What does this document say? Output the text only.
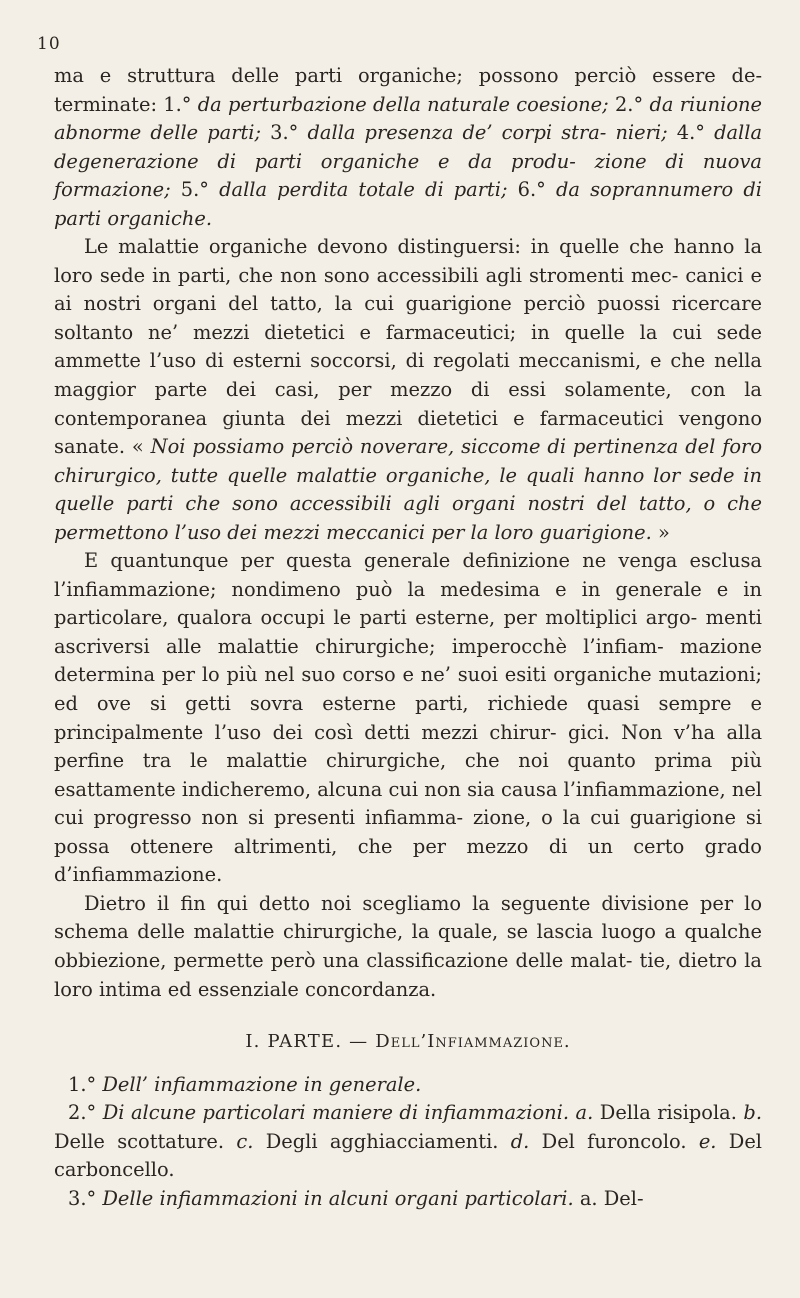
10

ma e struttura delle parti organiche; possono perciò essere de- terminate: 1.° da perturbazione della naturale coesione; 2.° da riunione abnorme delle parti; 3.° dalla presenza de’ corpi stra- nieri; 4.° dalla degenerazione di parti organiche e da produ- zione di nuova formazione; 5.° dalla perdita totale di parti; 6.° da soprannumero di parti organiche.

Le malattie organiche devono distinguersi: in quelle che hanno la loro sede in parti, che non sono accessibili agli stromenti mec- canici e ai nostri organi del tatto, la cui guarigione perciò puossi ricercare soltanto ne’ mezzi dietetici e farmaceutici; in quelle la cui sede ammette l’uso di esterni soccorsi, di regolati meccanismi, e che nella maggior parte dei casi, per mezzo di essi solamente, con la contemporanea giunta dei mezzi dietetici e farmaceutici vengono sanate. « Noi possiamo perciò noverare, siccome di pertinenza del foro chirurgico, tutte quelle malattie organiche, le quali hanno lor sede in quelle parti che sono accessibili agli organi nostri del tatto, o che permettono l’uso dei mezzi meccanici per la loro guarigione. »

E quantunque per questa generale definizione ne venga esclusa l’infiammazione; nondimeno può la medesima e in generale e in particolare, qualora occupi le parti esterne, per moltiplici argo- menti ascriversi alle malattie chirurgiche; imperocchè l’infiam- mazione determina per lo più nel suo corso e ne’ suoi esiti organiche mutazioni; ed ove si getti sovra esterne parti, richiede quasi sempre e principalmente l’uso dei così detti mezzi chirur- gici. Non v’ha alla perfine tra le malattie chirurgiche, che noi quanto prima più esattamente indicheremo, alcuna cui non sia causa l’infiammazione, nel cui progresso non si presenti infiamma- zione, o la cui guarigione si possa ottenere altrimenti, che per mezzo di un certo grado d’infiammazione.

Dietro il fin qui detto noi scegliamo la seguente divisione per lo schema delle malattie chirurgiche, la quale, se lascia luogo a qualche obbiezione, permette però una classificazione delle malat- tie, dietro la loro intima ed essenziale concordanza.

I. PARTE. — Dell’Infiammazione.

1.° Dell’ infiammazione in generale.

2.° Di alcune particolari maniere di infiammazioni. a. Della risipola. b. Delle scottature. c. Degli agghiacciamenti. d. Del furoncolo. e. Del carboncello.

3.° Delle infiammazioni in alcuni organi particolari. a. Del-
